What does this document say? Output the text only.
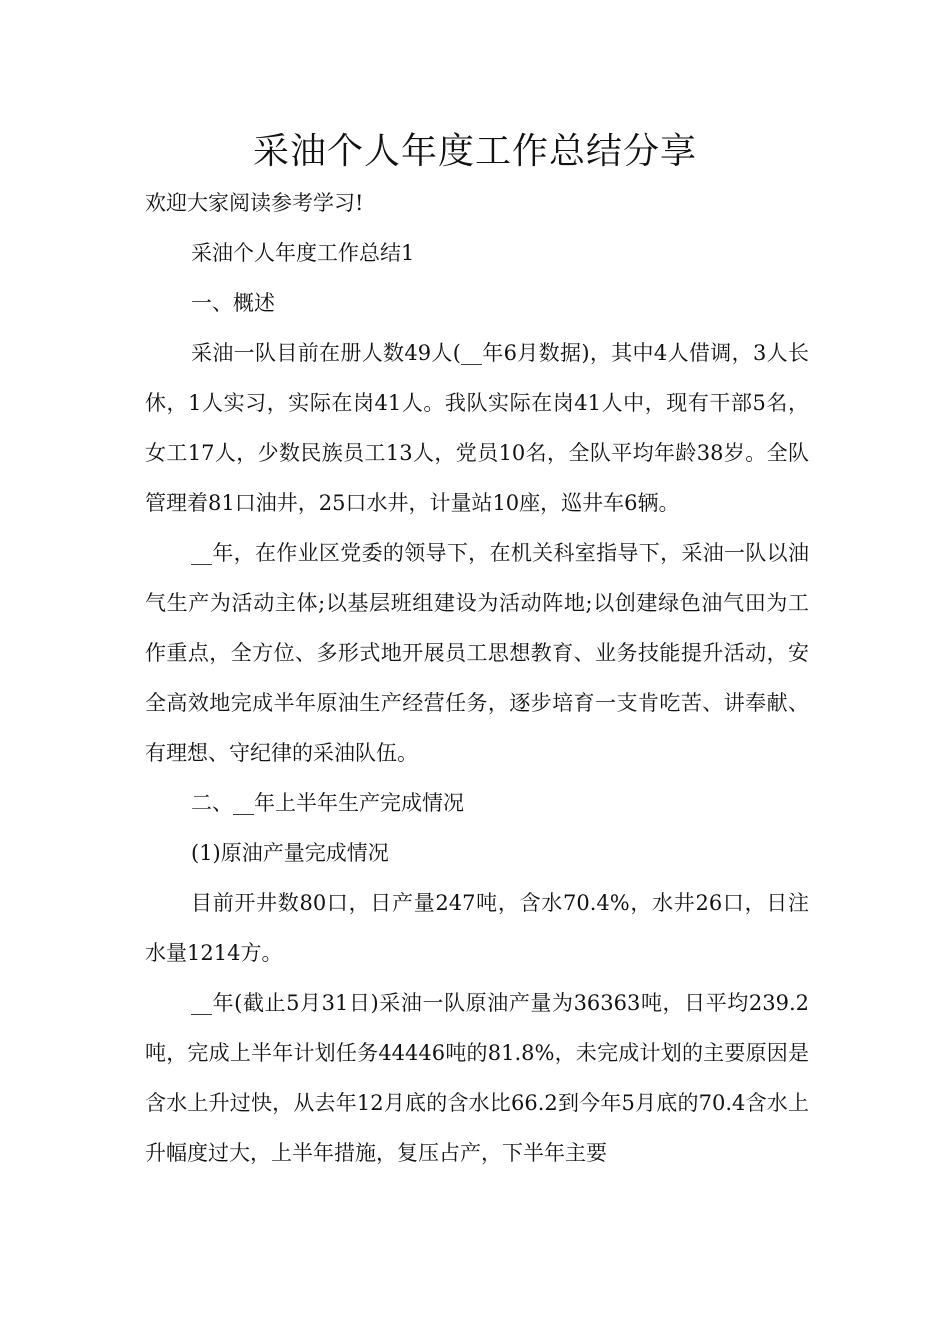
采油个人年度工作总结分享

欢迎大家阅读参考学习!

采油个人年度工作总结1

一、概述

采油一队目前在册人数49人(__年6月数据)，其中4人借调，3人长休，1人实习，实际在岗41人。我队实际在岗41人中，现有干部5名，女工17人，少数民族员工13人，党员10名，全队平均年龄38岁。全队管理着81口油井，25口水井，计量站10座，巡井车6辆。

__年，在作业区党委的领导下，在机关科室指导下，采油一队以油气生产为活动主体;以基层班组建设为活动阵地;以创建绿色油气田为工作重点，全方位、多形式地开展员工思想教育、业务技能提升活动，安全高效地完成半年原油生产经营任务，逐步培育一支肯吃苦、讲奉献、有理想、守纪律的采油队伍。

二、__年上半年生产完成情况

(1)原油产量完成情况

目前开井数80口，日产量247吨，含水70.4%，水井26口，日注水量1214方。

__年(截止5月31日)采油一队原油产量为36363吨，日平均239.2吨，完成上半年计划任务44446吨的81.8%，未完成计划的主要原因是含水上升过快，从去年12月底的含水比66.2到今年5月底的70.4含水上升幅度过大，上半年措施，复压占产，下半年主要
